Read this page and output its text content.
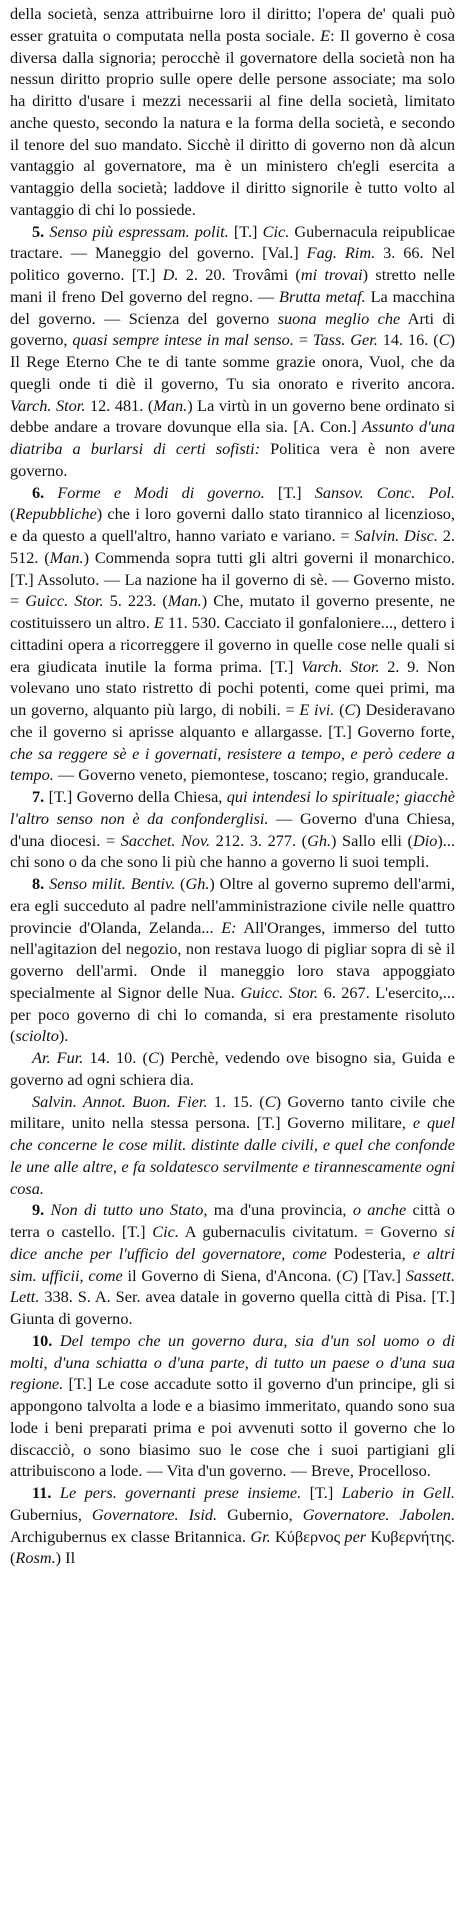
della società, senza attribuirne loro il diritto; l'opera de' quali può esser gratuita o computata nella posta sociale. E: Il governo è cosa diversa dalla signoria; perocchè il governatore della società non ha nessun diritto proprio sulle opere delle persone associate; ma solo ha diritto d'usare i mezzi necessarii al fine della società, limitato anche questo, secondo la natura e la forma della società, e secondo il tenore del suo mandato. Sicchè il diritto di governo non dà alcun vantaggio al governatore, ma è un ministero ch'egli esercita a vantaggio della società; laddove il diritto signorile è tutto volto al vantaggio di chi lo possiede.

5. Senso più espressam. polit. [T.] Cic. Gubernacula reipublicae tractare. — Maneggio del governo. [Val.] Fag. Rim. 3. 66. Nel politico governo. [T.] D. 2. 20. Trovâmi (mi trovai) stretto nelle mani il freno Del governo del regno. — Brutta metaf. La macchina del governo. — Scienza del governo suona meglio che Arti di governo, quasi sempre intese in mal senso. = Tass. Ger. 14. 16. (C) Il Rege Eterno Che te di tante somme grazie onora, Vuol, che da quegli onde ti diè il governo, Tu sia onorato e riverito ancora. Varch. Stor. 12. 481. (Man.) La virtù in un governo bene ordinato si debbe andare a trovare dovunque ella sia. [A. Con.] Assunto d'una diatriba a burlarsi di certi sofisti: Politica vera è non avere governo.

6. Forme e Modi di governo. [T.] Sansov. Conc. Pol. (Repubbliche) che i loro governi dallo stato tirannico al licenzioso, e da questo a quell'altro, hanno variato e variano. = Salvin. Disc. 2. 512. (Man.) Commenda sopra tutti gli altri governi il monarchico. [T.] Assoluto. — La nazione ha il governo di sè. — Governo misto. = Guicc. Stor. 5. 223. (Man.) Che, mutato il governo presente, ne costituissero un altro. E 11. 530. Cacciato il gonfaloniere..., dettero i cittadini opera a ricorreggere il governo in quelle cose nelle quali si era giudicata inutile la forma prima. [T.] Varch. Stor. 2. 9. Non volevano uno stato ristretto di pochi potenti, come quei primi, ma un governo, alquanto più largo, di nobili. = E ivi. (C) Desideravano che il governo si aprisse alquanto e allargasse. [T.] Governo forte, che sa reggere sè e i governati, resistere a tempo, e però cedere a tempo. — Governo veneto, piemontese, toscano; regio, granducale.

7. [T.] Governo della Chiesa, qui intendesi lo spirituale; giacchè l'altro senso non è da confonderglisi. — Governo d'una Chiesa, d'una diocesi. = Sacchet. Nov. 212. 3. 277. (Gh.) Sallo elli (Dio)... chi sono o da che sono li più che hanno a governo li suoi templi.

8. Senso milit. Bentiv. (Gh.) Oltre al governo supremo dell'armi, era egli succeduto al padre nell'amministrazione civile nelle quattro provincie d'Olanda, Zelanda... E: All'Oranges, immerso del tutto nell'agitazion del negozio, non restava luogo di pigliar sopra di sè il governo dell'armi. Onde il maneggio loro stava appoggiato specialmente al Signor delle Nua. Guicc. Stor. 6. 267. L'esercito,... per poco governo di chi lo comanda, si era prestamente risoluto (sciolto).

Ar. Fur. 14. 10. (C) Perchè, vedendo ove bisogno sia, Guida e governo ad ogni schiera dia.

Salvin. Annot. Buon. Fier. 1. 15. (C) Governo tanto civile che militare, unito nella stessa persona. [T.] Governo militare, e quel che concerne le cose milit. distinte dalle civili, e quel che confonde le une alle altre, e fa soldatesco servilmente e tirannescamente ogni cosa.

9. Non di tutto uno Stato, ma d'una provincia, o anche città o terra o castello. [T.] Cic. A gubernaculis civitatum. = Governo si dice anche per l'ufficio del governatore, come Podesteria, e altri sim. ufficii, come il Governo di Siena, d'Ancona. (C) [Tav.] Sassett. Lett. 338. S. A. Ser. avea datale in governo quella città di Pisa. [T.] Giunta di governo.

10. Del tempo che un governo dura, sia d'un sol uomo o di molti, d'una schiatta o d'una parte, di tutto un paese o d'una sua regione. [T.] Le cose accadute sotto il governo d'un principe, gli si appongono talvolta a lode e a biasimo immeritato, quando sono sua lode i beni preparati prima e poi avvenuti sotto il governo che lo discacciò, o sono biasimo suo le cose che i suoi partigiani gli attribuiscono a lode. — Vita d'un governo. — Breve, Procelloso.

11. Le pers. governanti prese insieme. [T.] Laberio in Gell. Gubernius, Governatore. Isid. Gubernio, Governatore. Jabolen. Archigubernus ex classe Britannica. Gr. Κύβερνος per Κυβερνήτης. (Rosm.) Il
